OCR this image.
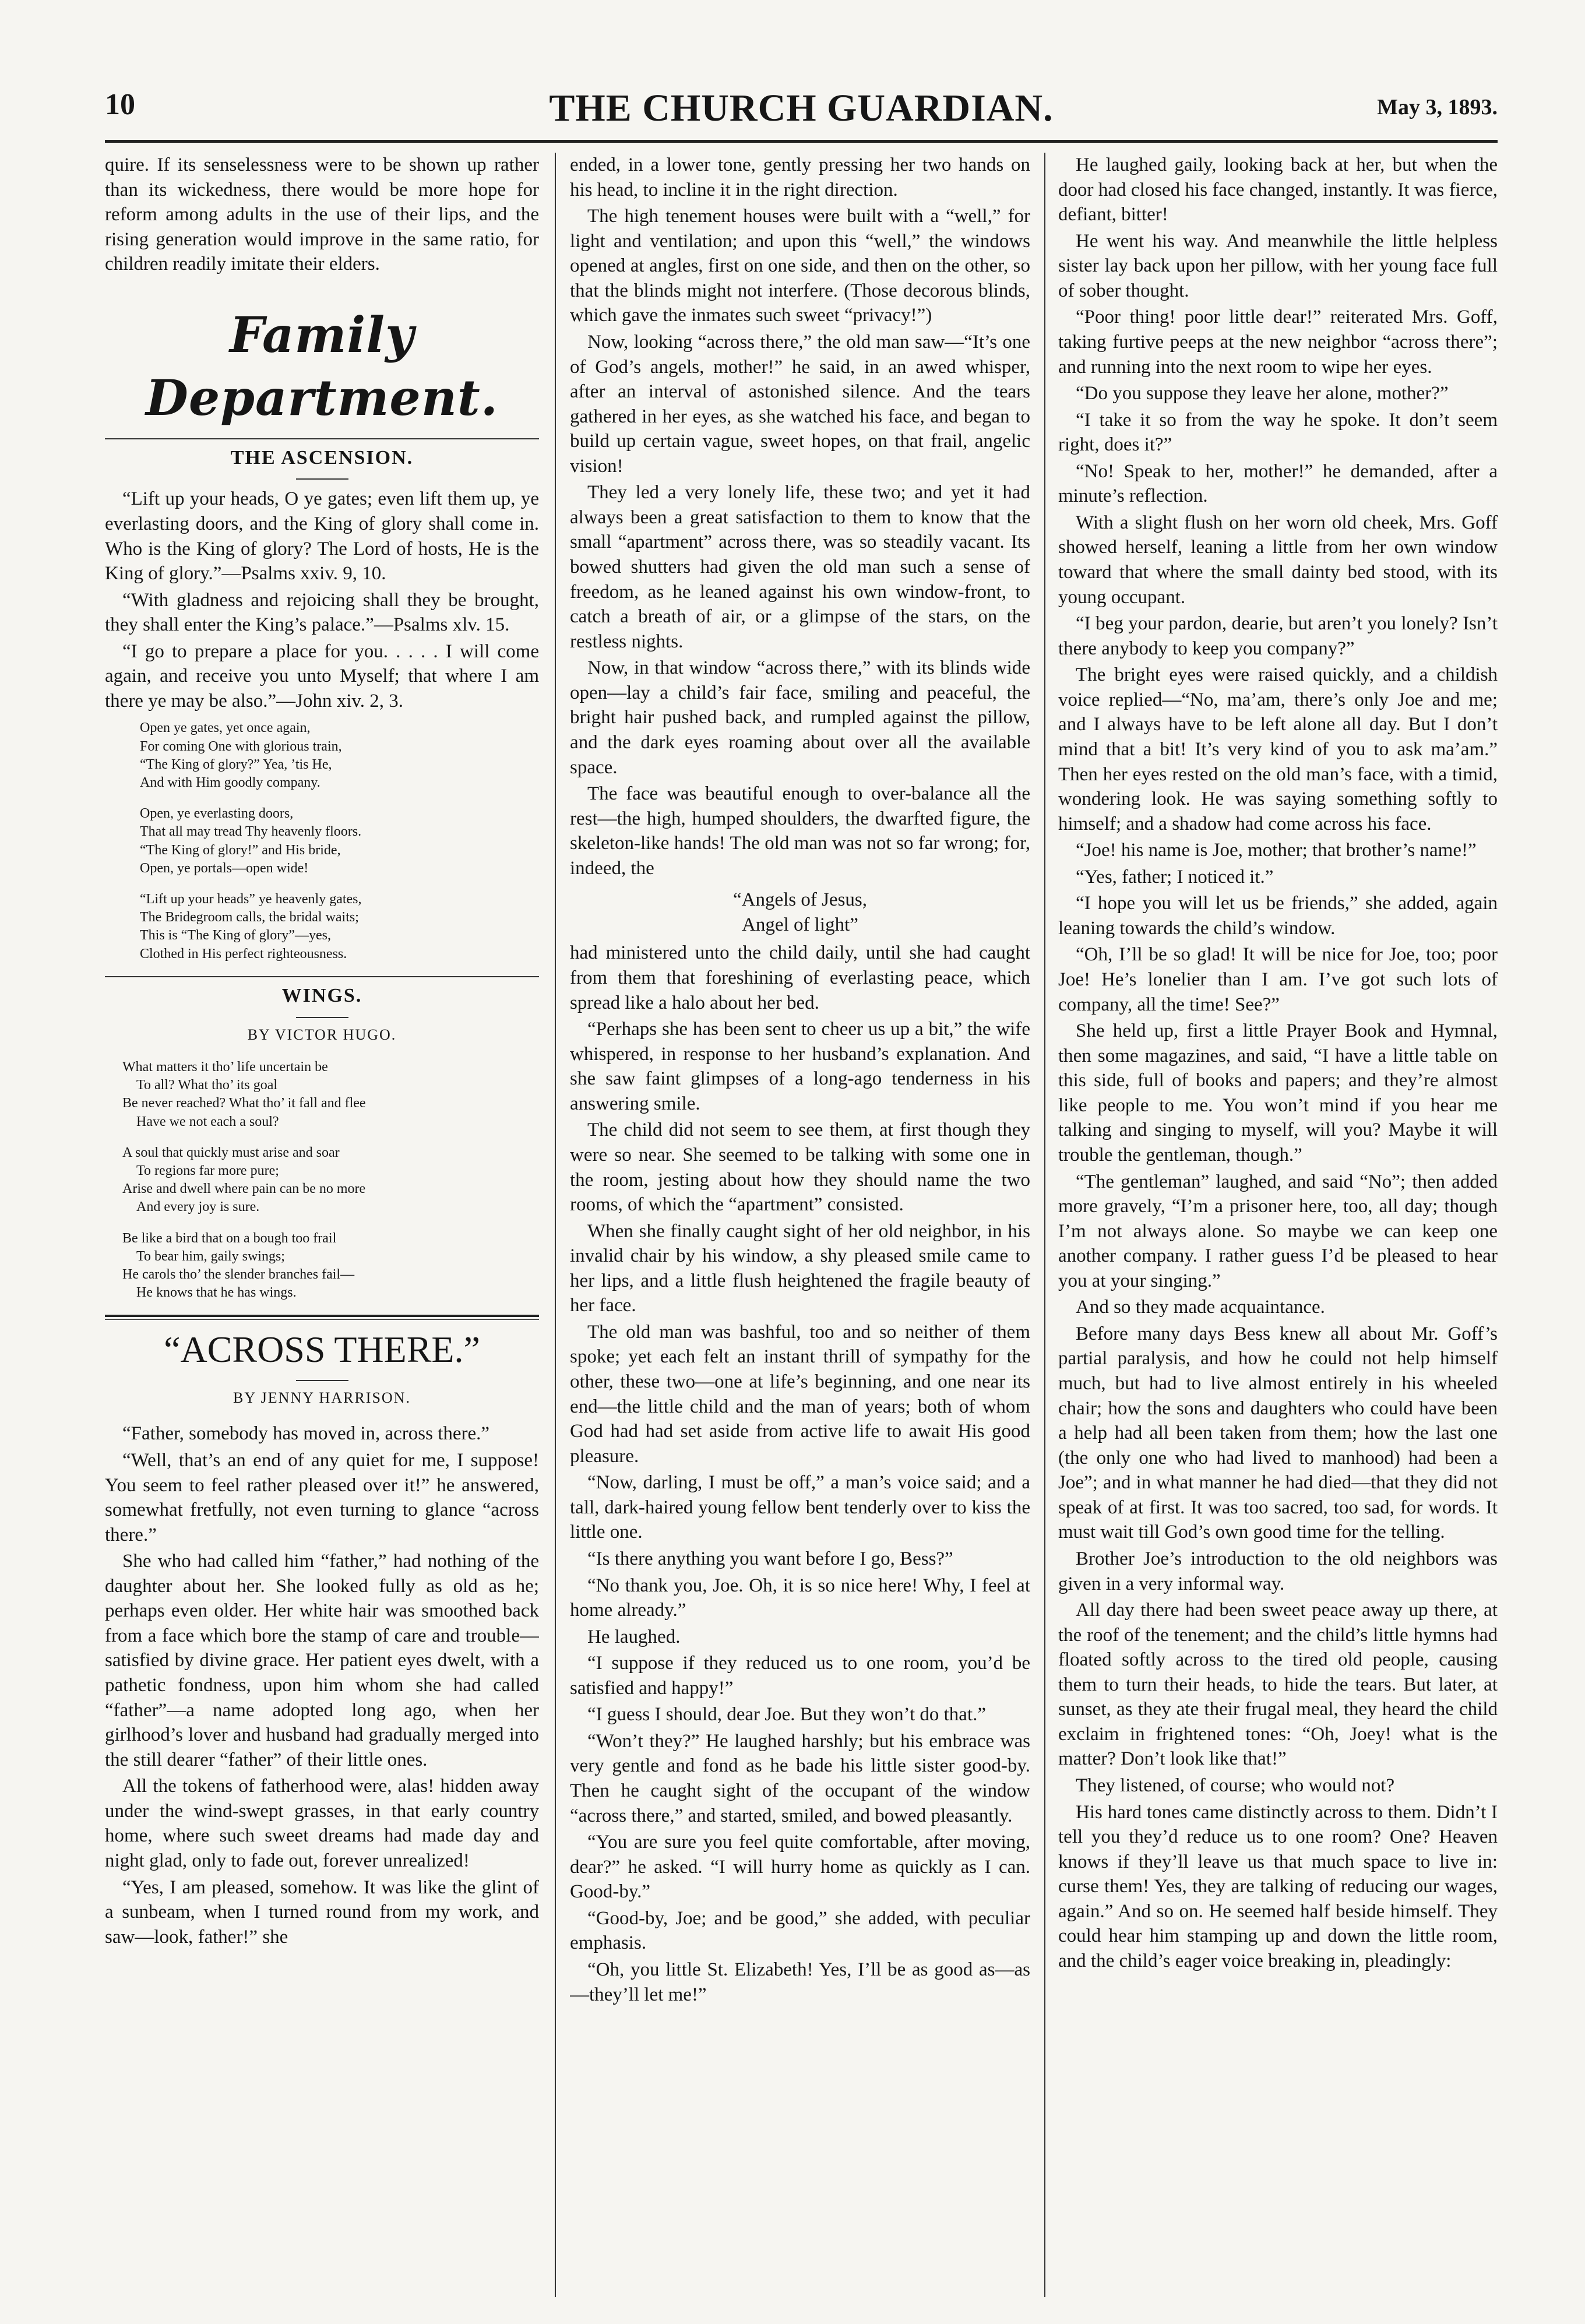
10	THE CHURCH GUARDIAN.	May 3, 1893.

quire. If its senselessness were to be shown up rather than its wickedness, there would be more hope for reform among adults in the use of their lips, and the rising generation would improve in the same ratio, for children readily imitate their elders.

Family Department.
THE ASCENSION.

“Lift up your heads, O ye gates; even lift them up, ye everlasting doors, and the King of glory shall come in. Who is the King of glory? The Lord of hosts, He is the King of glory.”—Psalms xxiv. 9, 10.

“With gladness and rejoicing shall they be brought, they shall enter the King’s palace.”—Psalms xlv. 15.

“I go to prepare a place for you. . . . . I will come again, and receive you unto Myself; that where I am there ye may be also.”—John xiv. 2, 3.

Open ye gates, yet once again,
For coming One with glorious train,
“The King of glory?” Yea, ’tis He,
And with Him goodly company.
Open, ye everlasting doors,
That all may tread Thy heavenly floors.
“The King of glory!” and His bride,
Open, ye portals—open wide!
“Lift up your heads” ye heavenly gates,
The Bridegroom calls, the bridal waits;
This is “The King of glory”—yes,
Clothed in His perfect righteousness.
WINGS.
BY VICTOR HUGO.
What matters it tho’ life uncertain be
To all? What tho’ its goal
Be never reached? What tho’ it fall and flee
Have we not each a soul?
A soul that quickly must arise and soar
To regions far more pure;
Arise and dwell where pain can be no more
And every joy is sure.
Be like a bird that on a bough too frail
To bear him, gaily swings;
He carols tho’ the slender branches fail—
He knows that he has wings.
“ACROSS THERE.”
BY JENNY HARRISON.

“Father, somebody has moved in, across there.”

“Well, that’s an end of any quiet for me, I suppose! You seem to feel rather pleased over it!” he answered, somewhat fretfully, not even turning to glance “across there.”

She who had called him “father,” had nothing of the daughter about her. She looked fully as old as he; perhaps even older. Her white hair was smoothed back from a face which bore the stamp of care and trouble—satisfied by divine grace. Her patient eyes dwelt, with a pathetic fondness, upon him whom she had called “father”—a name adopted long ago, when her girlhood’s lover and husband had gradually merged into the still dearer “father” of their little ones.

All the tokens of fatherhood were, alas! hidden away under the wind-swept grasses, in that early country home, where such sweet dreams had made day and night glad, only to fade out, forever unrealized!

“Yes, I am pleased, somehow. It was like the glint of a sunbeam, when I turned round from my work, and saw—look, father!” she

ended, in a lower tone, gently pressing her two hands on his head, to incline it in the right direction.

The high tenement houses were built with a “well,” for light and ventilation; and upon this “well,” the windows opened at angles, first on one side, and then on the other, so that the blinds might not interfere. (Those decorous blinds, which gave the inmates such sweet “privacy!”)

Now, looking “across there,” the old man saw—“It’s one of God’s angels, mother!” he said, in an awed whisper, after an interval of astonished silence. And the tears gathered in her eyes, as she watched his face, and began to build up certain vague, sweet hopes, on that frail, angelic vision!

They led a very lonely life, these two; and yet it had always been a great satisfaction to them to know that the small “apartment” across there, was so steadily vacant. Its bowed shutters had given the old man such a sense of freedom, as he leaned against his own window-front, to catch a breath of air, or a glimpse of the stars, on the restless nights.

Now, in that window “across there,” with its blinds wide open—lay a child’s fair face, smiling and peaceful, the bright hair pushed back, and rumpled against the pillow, and the dark eyes roaming about over all the available space.

The face was beautiful enough to over-balance all the rest—the high, humped shoulders, the dwarfted figure, the skeleton-like hands! The old man was not so far wrong; for, indeed, the

“Angels of Jesus,
Angel of light”

had ministered unto the child daily, until she had caught from them that foreshining of everlasting peace, which spread like a halo about her bed.

“Perhaps she has been sent to cheer us up a bit,” the wife whispered, in response to her husband’s explanation. And she saw faint glimpses of a long-ago tenderness in his answering smile.

The child did not seem to see them, at first though they were so near. She seemed to be talking with some one in the room, jesting about how they should name the two rooms, of which the “apartment” consisted.

When she finally caught sight of her old neighbor, in his invalid chair by his window, a shy pleased smile came to her lips, and a little flush heightened the fragile beauty of her face.

The old man was bashful, too and so neither of them spoke; yet each felt an instant thrill of sympathy for the other, these two—one at life’s beginning, and one near its end—the little child and the man of years; both of whom God had had set aside from active life to await His good pleasure.

“Now, darling, I must be off,” a man’s voice said; and a tall, dark-haired young fellow bent tenderly over to kiss the little one.

“Is there anything you want before I go, Bess?”

“No thank you, Joe. Oh, it is so nice here! Why, I feel at home already.”

He laughed.

“I suppose if they reduced us to one room, you’d be satisfied and happy!”

“I guess I should, dear Joe. But they won’t do that.”

“Won’t they?” He laughed harshly; but his embrace was very gentle and fond as he bade his little sister good-by. Then he caught sight of the occupant of the window “across there,” and started, smiled, and bowed pleasantly.

“You are sure you feel quite comfortable, after moving, dear?” he asked. “I will hurry home as quickly as I can. Good-by.”

“Good-by, Joe; and be good,” she added, with peculiar emphasis.

“Oh, you little St. Elizabeth! Yes, I’ll be as good as—as—they’ll let me!”

He laughed gaily, looking back at her, but when the door had closed his face changed, instantly. It was fierce, defiant, bitter!

He went his way. And meanwhile the little helpless sister lay back upon her pillow, with her young face full of sober thought.

“Poor thing! poor little dear!” reiterated Mrs. Goff, taking furtive peeps at the new neighbor “across there”; and running into the next room to wipe her eyes.

“Do you suppose they leave her alone, mother?”

“I take it so from the way he spoke. It don’t seem right, does it?”

“No! Speak to her, mother!” he demanded, after a minute’s reflection.

With a slight flush on her worn old cheek, Mrs. Goff showed herself, leaning a little from her own window toward that where the small dainty bed stood, with its young occupant.

“I beg your pardon, dearie, but aren’t you lonely? Isn’t there anybody to keep you company?”

The bright eyes were raised quickly, and a childish voice replied—“No, ma’am, there’s only Joe and me; and I always have to be left alone all day. But I don’t mind that a bit! It’s very kind of you to ask ma’am.” Then her eyes rested on the old man’s face, with a timid, wondering look. He was saying something softly to himself; and a shadow had come across his face.

“Joe! his name is Joe, mother; that brother’s name!”

“Yes, father; I noticed it.”

“I hope you will let us be friends,” she added, again leaning towards the child’s window.

“Oh, I’ll be so glad! It will be nice for Joe, too; poor Joe! He’s lonelier than I am. I’ve got such lots of company, all the time! See?”

She held up, first a little Prayer Book and Hymnal, then some magazines, and said, “I have a little table on this side, full of books and papers; and they’re almost like people to me. You won’t mind if you hear me talking and singing to myself, will you? Maybe it will trouble the gentleman, though.”

“The gentleman” laughed, and said “No”; then added more gravely, “I’m a prisoner here, too, all day; though I’m not always alone. So maybe we can keep one another company. I rather guess I’d be pleased to hear you at your singing.”

And so they made acquaintance.

Before many days Bess knew all about Mr. Goff’s partial paralysis, and how he could not help himself much, but had to live almost entirely in his wheeled chair; how the sons and daughters who could have been a help had all been taken from them; how the last one (the only one who had lived to manhood) had been a Joe”; and in what manner he had died—that they did not speak of at first. It was too sacred, too sad, for words. It must wait till God’s own good time for the telling.

Brother Joe’s introduction to the old neighbors was given in a very informal way.

All day there had been sweet peace away up there, at the roof of the tenement; and the child’s little hymns had floated softly across to the tired old people, causing them to turn their heads, to hide the tears. But later, at sunset, as they ate their frugal meal, they heard the child exclaim in frightened tones: “Oh, Joey! what is the matter? Don’t look like that!”

They listened, of course; who would not?

His hard tones came distinctly across to them. Didn’t I tell you they’d reduce us to one room? One? Heaven knows if they’ll leave us that much space to live in: curse them! Yes, they are talking of reducing our wages, again.” And so on. He seemed half beside himself. They could hear him stamping up and down the little room, and the child’s eager voice breaking in, pleadingly:
